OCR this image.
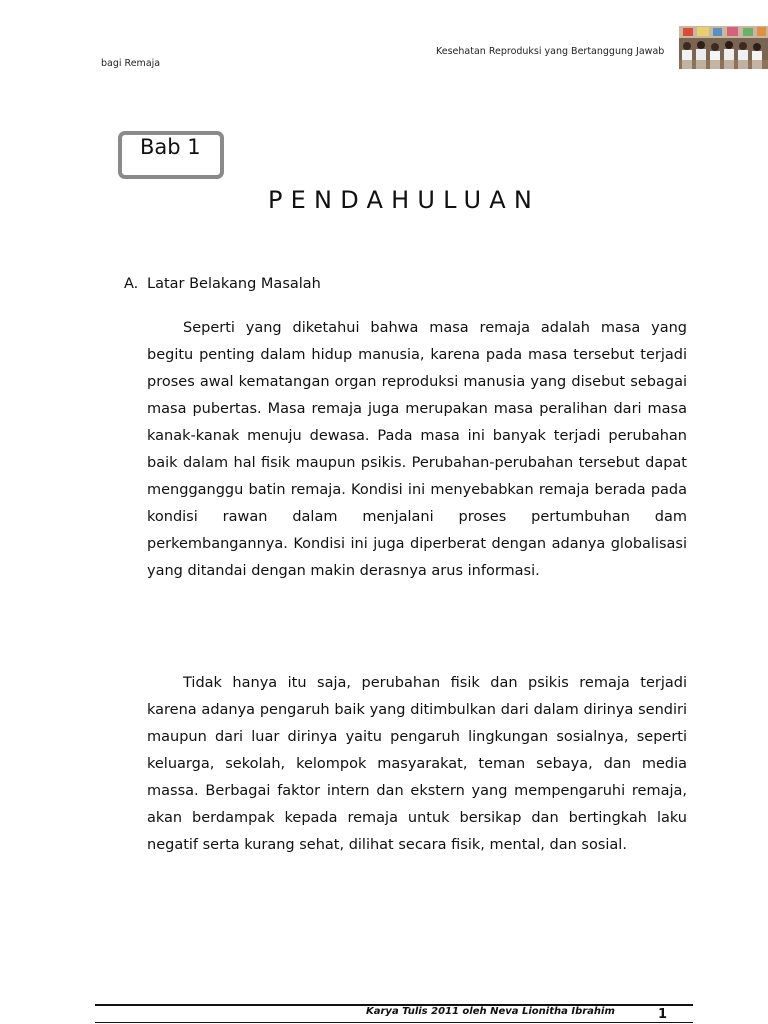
Kesehatan Reproduksi yang Bertanggung Jawab
bagi Remaja
Bab 1
PENDAHULUAN
A. Latar Belakang Masalah

Seperti yang diketahui bahwa masa remaja adalah masa yang begitu penting dalam hidup manusia, karena pada masa tersebut terjadi proses awal kematangan organ reproduksi manusia yang disebut sebagai masa pubertas. Masa remaja juga merupakan masa peralihan dari masa kanak-kanak menuju dewasa. Pada masa ini banyak terjadi perubahan baik dalam hal fisik maupun psikis. Perubahan-perubahan tersebut dapat mengganggu batin remaja. Kondisi ini menyebabkan remaja berada pada kondisi rawan dalam menjalani proses pertumbuhan dam perkembangannya. Kondisi ini juga diperberat dengan adanya globalisasi yang ditandai dengan makin derasnya arus informasi.

Tidak hanya itu saja, perubahan fisik dan psikis remaja terjadi karena adanya pengaruh baik yang ditimbulkan dari dalam dirinya sendiri maupun dari luar dirinya yaitu pengaruh lingkungan sosialnya, seperti keluarga, sekolah, kelompok masyarakat, teman sebaya, dan media massa. Berbagai faktor intern dan ekstern yang mempengaruhi remaja, akan berdampak kepada remaja untuk bersikap dan bertingkah laku negatif serta kurang sehat, dilihat secara fisik, mental, dan sosial.

Karya Tulis 2011 oleh Neva Lionitha Ibrahim	1
